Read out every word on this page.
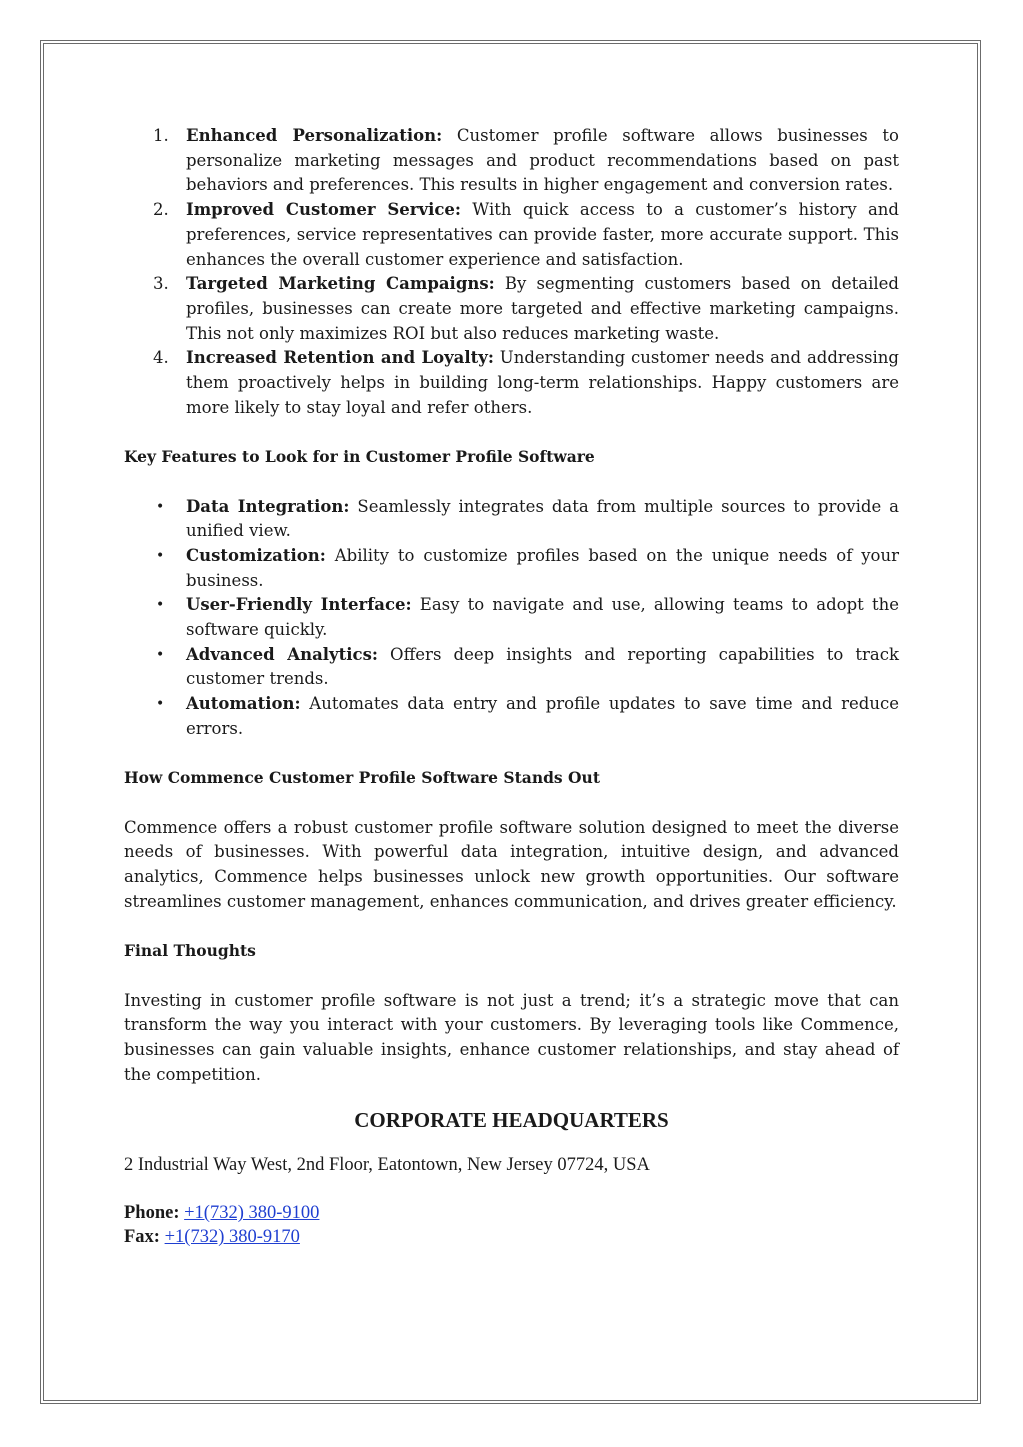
1. Enhanced Personalization: Customer profile software allows businesses to personalize marketing messages and product recommendations based on past behaviors and preferences. This results in higher engagement and conversion rates.
2. Improved Customer Service: With quick access to a customer’s history and preferences, service representatives can provide faster, more accurate support. This enhances the overall customer experience and satisfaction.
3. Targeted Marketing Campaigns: By segmenting customers based on detailed profiles, businesses can create more targeted and effective marketing campaigns. This not only maximizes ROI but also reduces marketing waste.
4. Increased Retention and Loyalty: Understanding customer needs and addressing them proactively helps in building long-term relationships. Happy customers are more likely to stay loyal and refer others.
Key Features to Look for in Customer Profile Software
• Data Integration: Seamlessly integrates data from multiple sources to provide a unified view.
• Customization: Ability to customize profiles based on the unique needs of your business.
• User-Friendly Interface: Easy to navigate and use, allowing teams to adopt the software quickly.
• Advanced Analytics: Offers deep insights and reporting capabilities to track customer trends.
• Automation: Automates data entry and profile updates to save time and reduce errors.
How Commence Customer Profile Software Stands Out
Commence offers a robust customer profile software solution designed to meet the diverse needs of businesses. With powerful data integration, intuitive design, and advanced analytics, Commence helps businesses unlock new growth opportunities. Our software streamlines customer management, enhances communication, and drives greater efficiency.
Final Thoughts
Investing in customer profile software is not just a trend; it’s a strategic move that can transform the way you interact with your customers. By leveraging tools like Commence, businesses can gain valuable insights, enhance customer relationships, and stay ahead of the competition.
CORPORATE HEADQUARTERS
2 Industrial Way West, 2nd Floor, Eatontown, New Jersey 07724, USA
Phone: +1(732) 380-9100
Fax: +1(732) 380-9170
